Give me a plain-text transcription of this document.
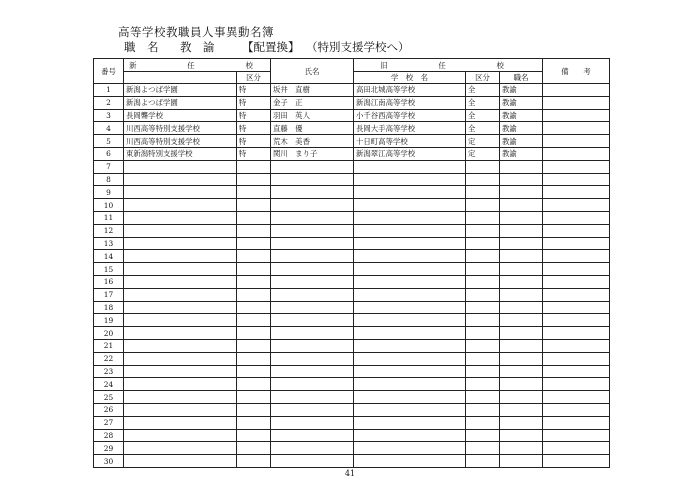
高等学校教職員人事異動名簿
職　名 教　諭 【配置換】 （特別支援学校へ）
番号	新　　任　　校		氏名	旧　　任　　校			備　　考
		区分		学　校　名	区分	職名	
1	新潟よつば学園	特	坂井　直樹	高田北城高等学校	全	教諭	
2	新潟よつば学園	特	金子　正	新潟江南高等学校	全	教諭	
3	長岡聾学校	特	羽田　英人	小千谷西高等学校	全	教諭	
4	川西高等特別支援学校	特	直藤　優	長岡大手高等学校	全	教諭	
5	川西高等特別支援学校	特	荒木　美香	十日町高等学校	定	教諭	
6	東新潟特別支援学校	特	関川　まり子	新潟翠江高等学校	定	教諭	
7							
8							
9							
10							
11							
12							
13							
14							
15							
16							
17							
18							
19							
20							
21							
22							
23							
24							
25							
26							
27							
28							
29							
30							
41
